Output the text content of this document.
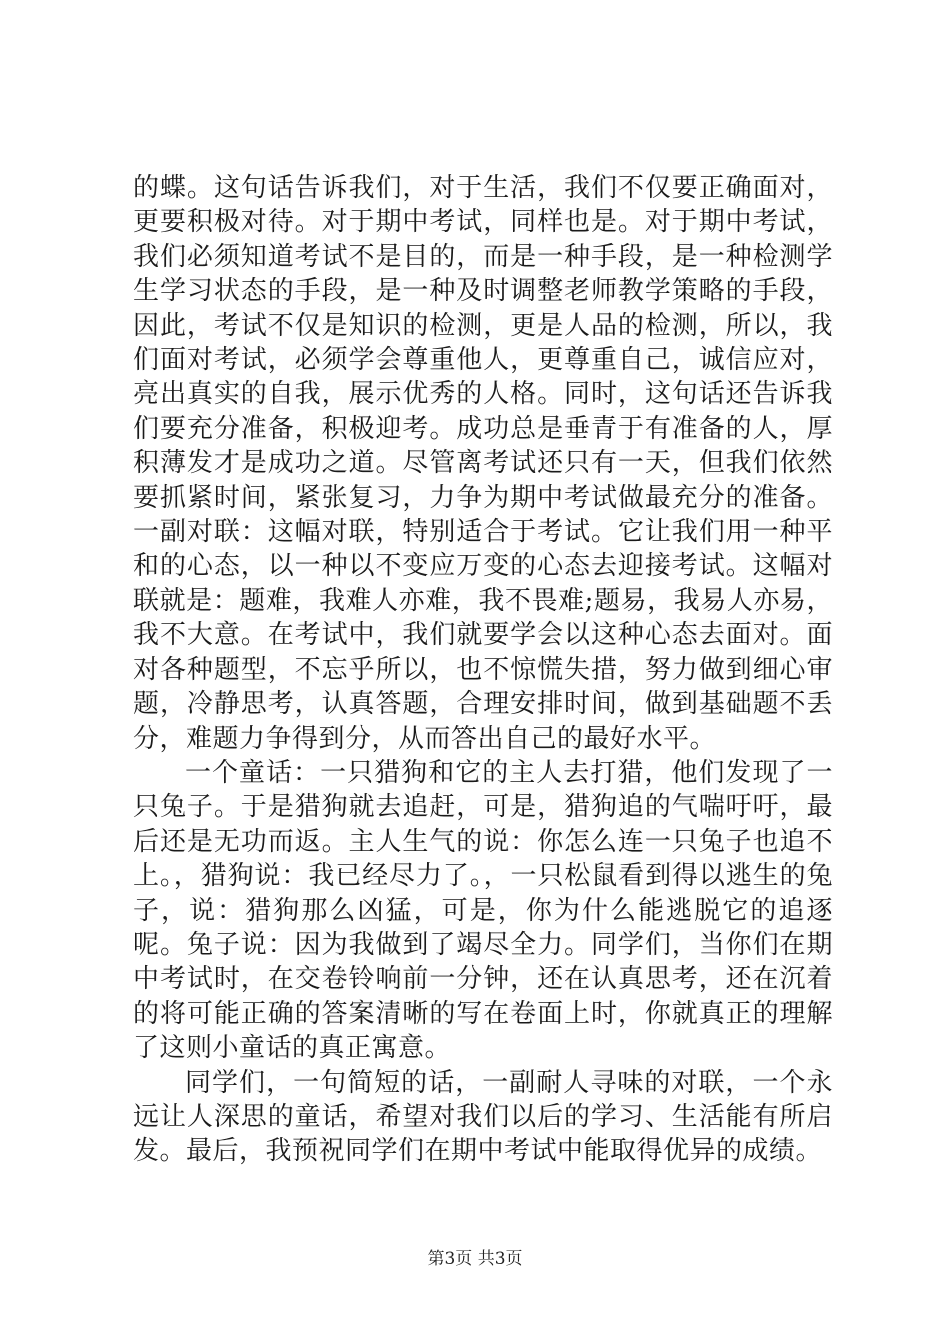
的蝶。这句话告诉我们，对于生活，我们不仅要正确面对，更要积极对待。对于期中考试，同样也是。对于期中考试，我们必须知道考试不是目的，而是一种手段，是一种检测学生学习状态的手段，是一种及时调整老师教学策略的手段，因此，考试不仅是知识的检测，更是人品的检测，所以，我们面对考试，必须学会尊重他人，更尊重自己，诚信应对，亮出真实的自我，展示优秀的人格。同时，这句话还告诉我们要充分准备，积极迎考。成功总是垂青于有准备的人，厚积薄发才是成功之道。尽管离考试还只有一天，但我们依然要抓紧时间，紧张复习，力争为期中考试做最充分的准备。一副对联：这幅对联，特别适合于考试。它让我们用一种平和的心态，以一种以不变应万变的心态去迎接考试。这幅对联就是：题难，我难人亦难，我不畏难;题易，我易人亦易，我不大意。在考试中，我们就要学会以这种心态去面对。面对各种题型，不忘乎所以，也不惊慌失措，努力做到细心审题，冷静思考，认真答题，合理安排时间，做到基础题不丢分，难题力争得到分，从而答出自己的最好水平。

一个童话：一只猎狗和它的主人去打猎，他们发现了一只兔子。于是猎狗就去追赶，可是，猎狗追的气喘吁吁，最后还是无功而返。主人生气的说：你怎么连一只兔子也追不上。，猎狗说：我已经尽力了。，一只松鼠看到得以逃生的兔子，说：猎狗那么凶猛，可是，你为什么能逃脱它的追逐呢。兔子说：因为我做到了竭尽全力。同学们，当你们在期中考试时，在交卷铃响前一分钟，还在认真思考，还在沉着的将可能正确的答案清晰的写在卷面上时，你就真正的理解了这则小童话的真正寓意。

同学们，一句简短的话，一副耐人寻味的对联，一个永远让人深思的童话，希望对我们以后的学习、生活能有所启发。最后，我预祝同学们在期中考试中能取得优异的成绩。

第3页 共3页
